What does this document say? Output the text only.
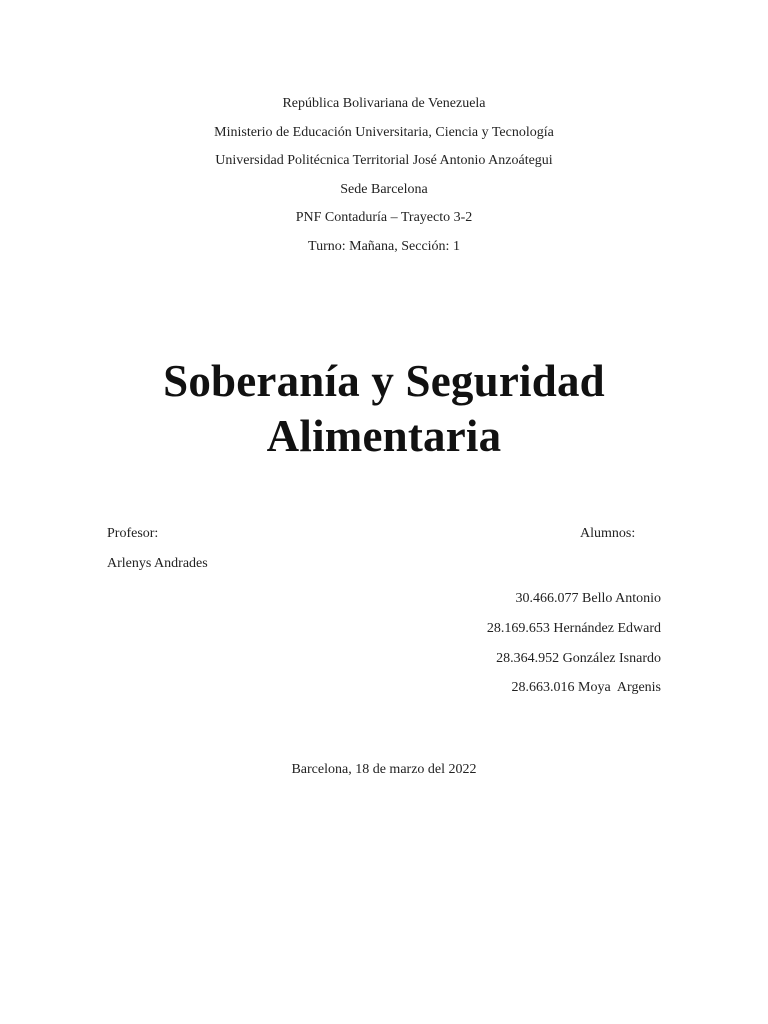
República Bolivariana de Venezuela
Ministerio de Educación Universitaria, Ciencia y Tecnología
Universidad Politécnica Territorial José Antonio Anzoátegui
Sede Barcelona
PNF Contaduría – Trayecto 3-2
Turno: Mañana, Sección: 1
Soberanía y Seguridad
Alimentaria
Profesor:
Arlenys Andrades
Alumnos:
30.466.077 Bello Antonio
28.169.653 Hernández Edward
28.364.952 González Isnardo
28.663.016 Moya  Argenis
Barcelona, 18 de marzo del 2022
